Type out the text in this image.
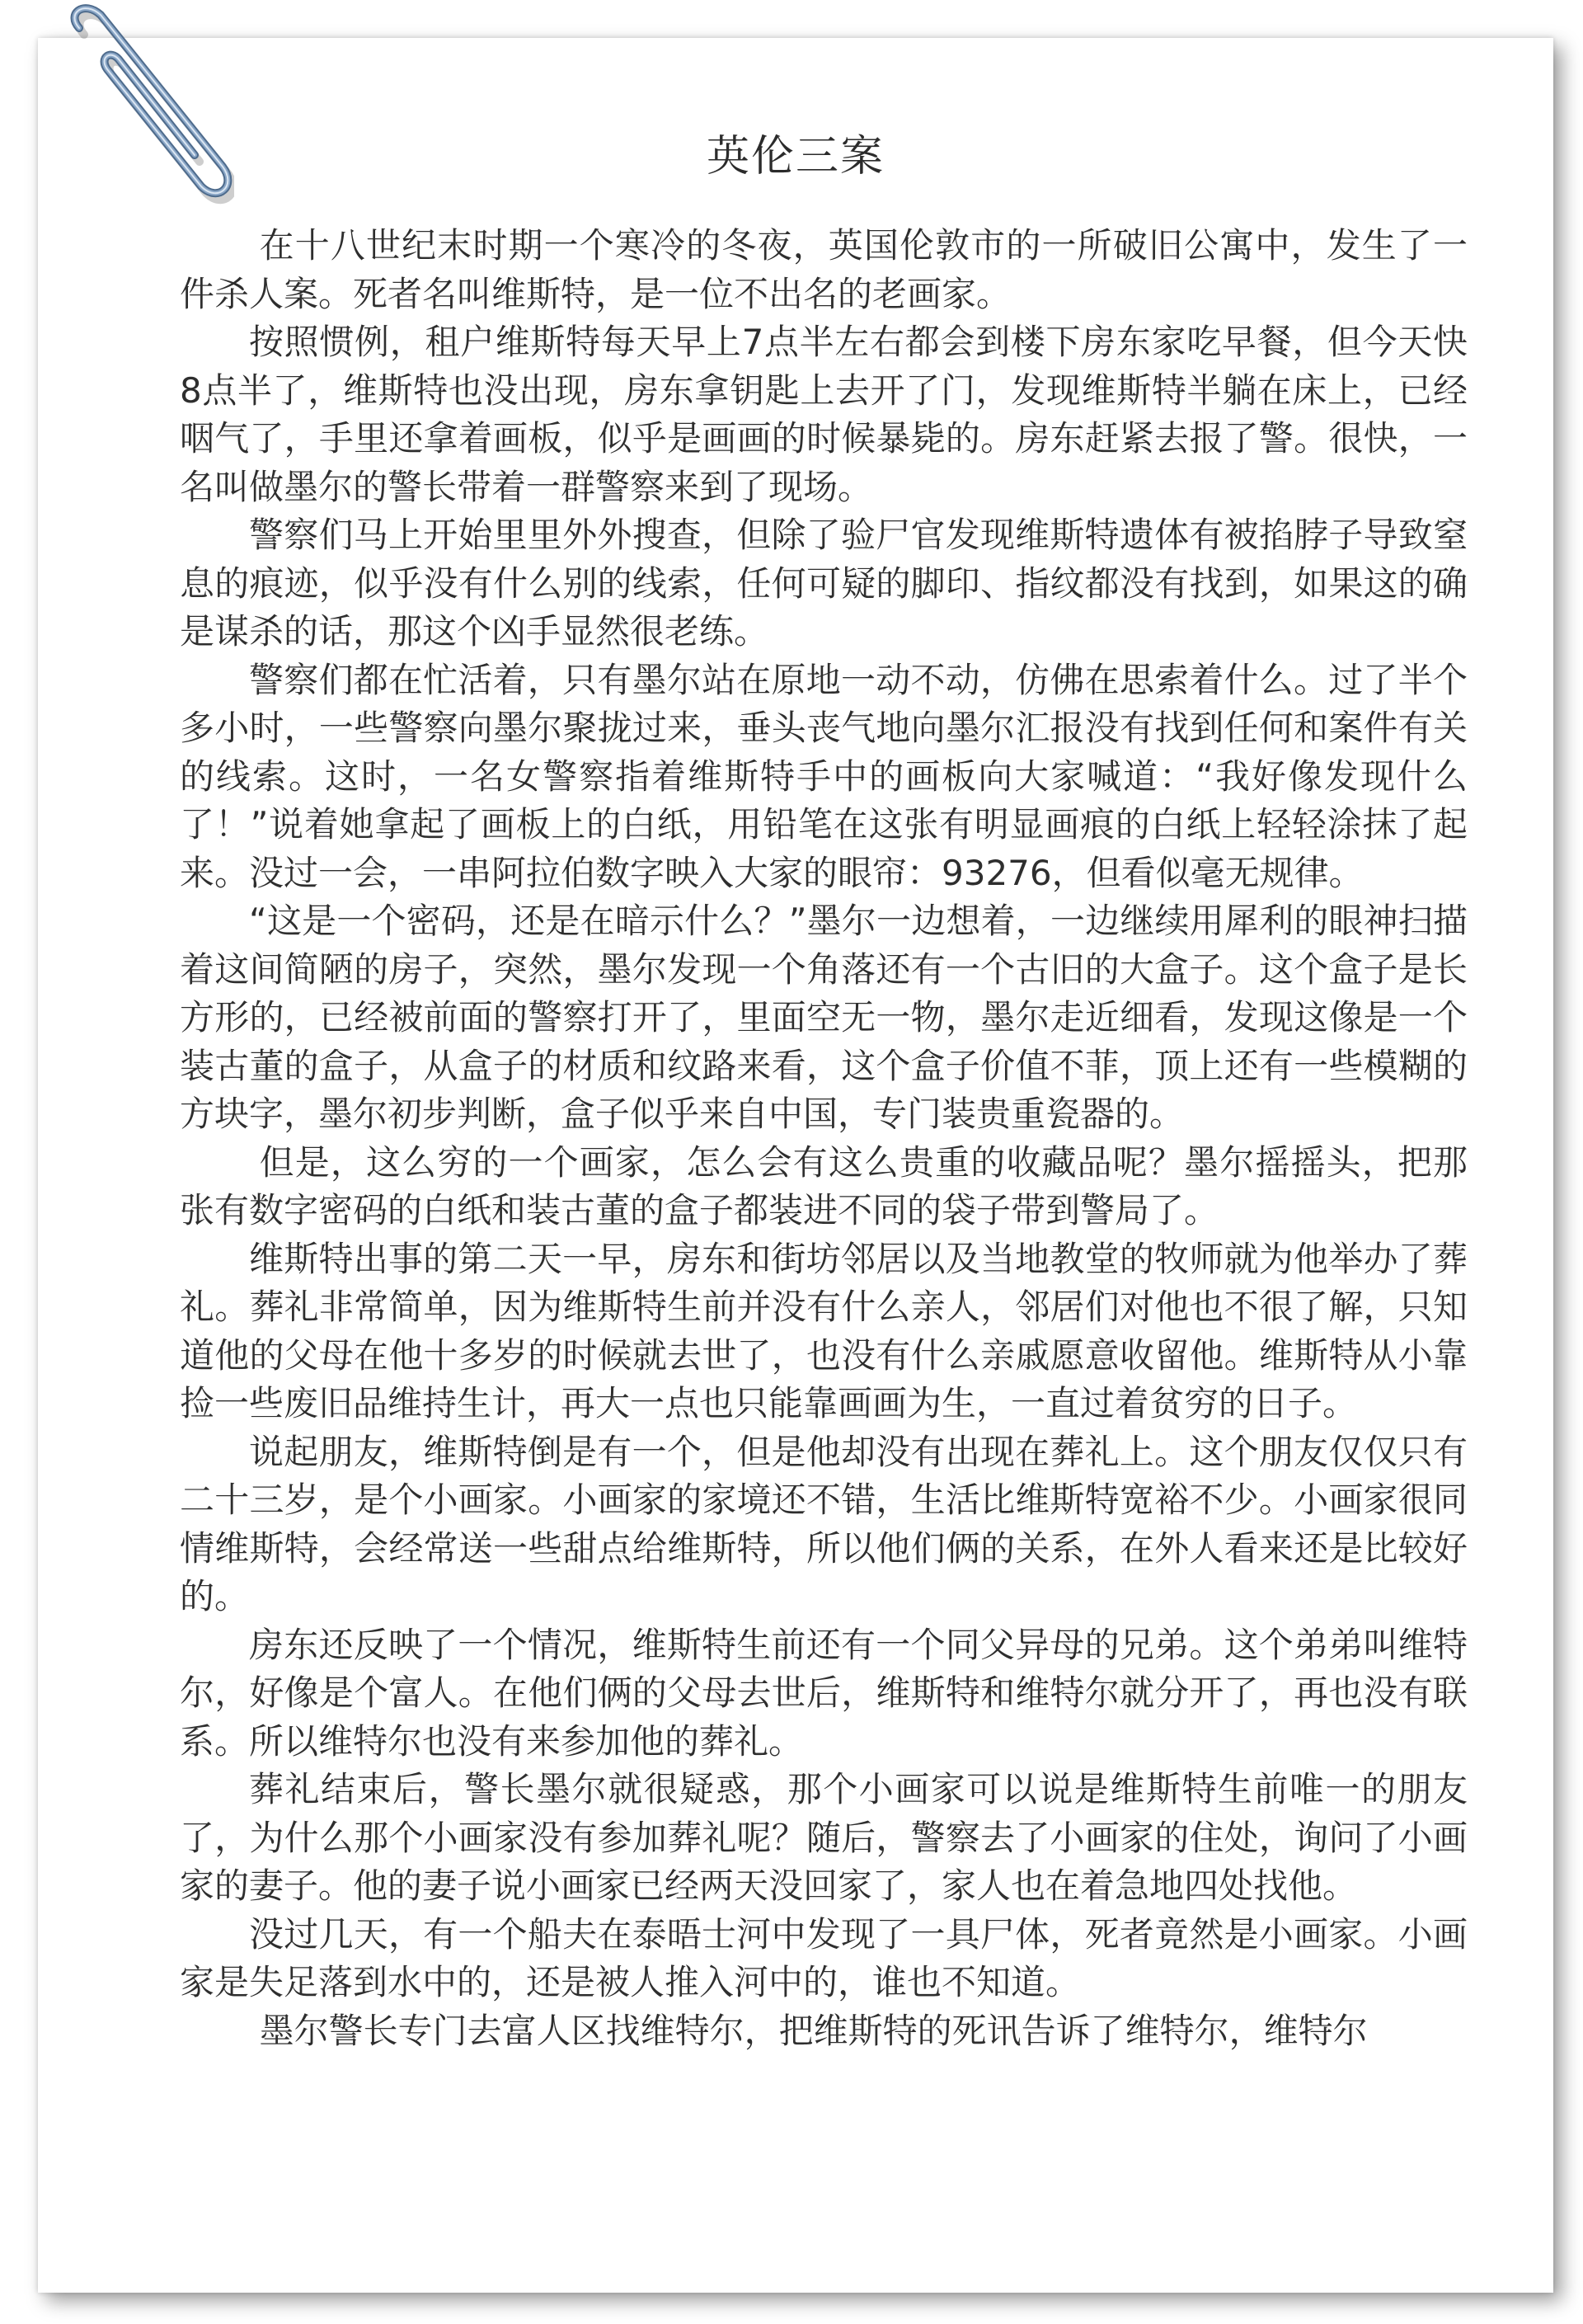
英伦三案

在十八世纪末时期一个寒冷的冬夜，英国伦敦市的一所破旧公寓中，发生了一件杀人案。死者名叫维斯特，是一位不出名的老画家。

按照惯例，租户维斯特每天早上7点半左右都会到楼下房东家吃早餐，但今天快8点半了，维斯特也没出现，房东拿钥匙上去开了门，发现维斯特半躺在床上，已经咽气了，手里还拿着画板，似乎是画画的时候暴毙的。房东赶紧去报了警。很快，一名叫做墨尔的警长带着一群警察来到了现场。

警察们马上开始里里外外搜查，但除了验尸官发现维斯特遗体有被掐脖子导致窒息的痕迹，似乎没有什么别的线索，任何可疑的脚印、指纹都没有找到，如果这的确是谋杀的话，那这个凶手显然很老练。

警察们都在忙活着，只有墨尔站在原地一动不动，仿佛在思索着什么。过了半个多小时，一些警察向墨尔聚拢过来，垂头丧气地向墨尔汇报没有找到任何和案件有关的线索。这时，一名女警察指着维斯特手中的画板向大家喊道：“我好像发现什么了！”说着她拿起了画板上的白纸，用铅笔在这张有明显画痕的白纸上轻轻涂抹了起来。没过一会，一串阿拉伯数字映入大家的眼帘：93276，但看似毫无规律。

“这是一个密码，还是在暗示什么？”墨尔一边想着，一边继续用犀利的眼神扫描着这间简陋的房子，突然，墨尔发现一个角落还有一个古旧的大盒子。这个盒子是长方形的，已经被前面的警察打开了，里面空无一物，墨尔走近细看，发现这像是一个装古董的盒子，从盒子的材质和纹路来看，这个盒子价值不菲，顶上还有一些模糊的方块字，墨尔初步判断，盒子似乎来自中国，专门装贵重瓷器的。

但是，这么穷的一个画家，怎么会有这么贵重的收藏品呢？墨尔摇摇头，把那张有数字密码的白纸和装古董的盒子都装进不同的袋子带到警局了。

维斯特出事的第二天一早，房东和街坊邻居以及当地教堂的牧师就为他举办了葬礼。葬礼非常简单，因为维斯特生前并没有什么亲人，邻居们对他也不很了解，只知道他的父母在他十多岁的时候就去世了，也没有什么亲戚愿意收留他。维斯特从小靠捡一些废旧品维持生计，再大一点也只能靠画画为生，一直过着贫穷的日子。

说起朋友，维斯特倒是有一个，但是他却没有出现在葬礼上。这个朋友仅仅只有二十三岁，是个小画家。小画家的家境还不错，生活比维斯特宽裕不少。小画家很同情维斯特，会经常送一些甜点给维斯特，所以他们俩的关系，在外人看来还是比较好的。

房东还反映了一个情况，维斯特生前还有一个同父异母的兄弟。这个弟弟叫维特尔，好像是个富人。在他们俩的父母去世后，维斯特和维特尔就分开了，再也没有联系。所以维特尔也没有来参加他的葬礼。

葬礼结束后，警长墨尔就很疑惑，那个小画家可以说是维斯特生前唯一的朋友了，为什么那个小画家没有参加葬礼呢？随后，警察去了小画家的住处，询问了小画家的妻子。他的妻子说小画家已经两天没回家了，家人也在着急地四处找他。

没过几天，有一个船夫在泰晤士河中发现了一具尸体，死者竟然是小画家。小画家是失足落到水中的，还是被人推入河中的，谁也不知道。

墨尔警长专门去富人区找维特尔，把维斯特的死讯告诉了维特尔，维特尔
